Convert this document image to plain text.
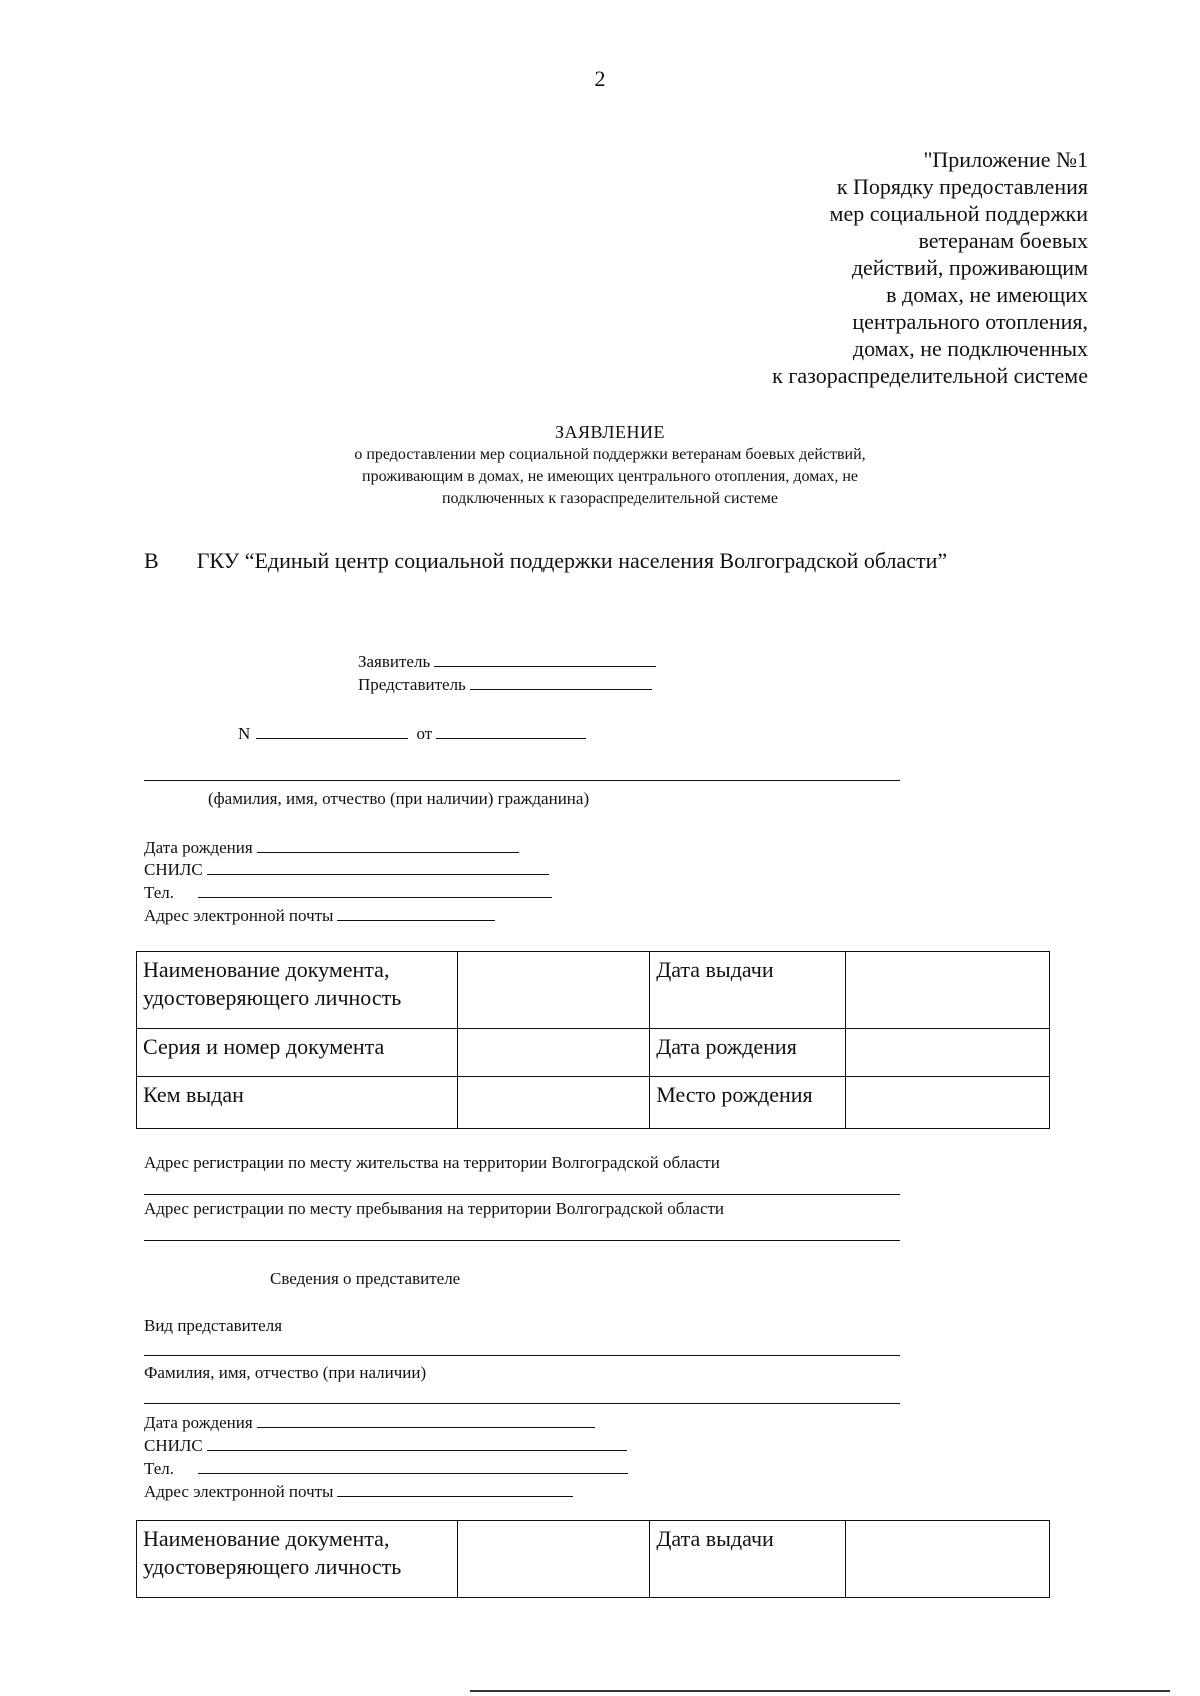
2
"Приложение №1
к Порядку предоставления
мер социальной поддержки
ветеранам боевых
действий, проживающим
в домах, не имеющих
центрального отопления,
домах, не подключенных
к газораспределительной системе
ЗАЯВЛЕНИЕ
о предоставлении мер социальной поддержки ветеранам боевых действий,
проживающим в домах, не имеющих центрального отопления, домах, не
подключенных к газораспределительной системе
В ГКУ “Единый центр социальной поддержки населения Волгоградской области”
Заявитель
Представитель
N	от
(фамилия, имя, отчество (при наличии) гражданина)
Дата рождения
СНИЛС
Тел.
Адрес электронной почты
Наименование документа, удостоверяющего личность		Дата выдачи	
Серия и номер документа		Дата рождения	
Кем выдан		Место рождения	
Адрес регистрации по месту жительства на территории Волгоградской области
Адрес регистрации по месту пребывания на территории Волгоградской области
Сведения о представителе
Вид представителя
Фамилия, имя, отчество (при наличии)
Дата рождения
СНИЛС
Тел.
Адрес электронной почты
Наименование документа, удостоверяющего личность		Дата выдачи	
